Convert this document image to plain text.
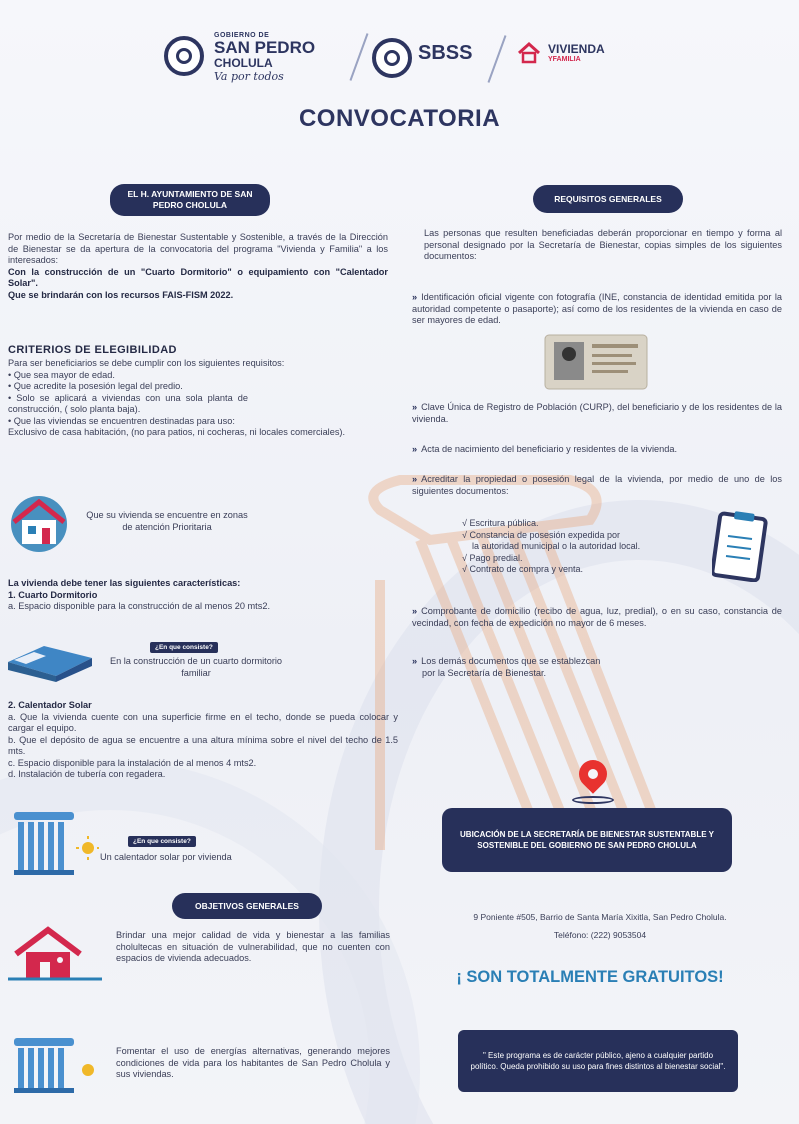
GOBIERNO DE
SAN PEDRO
CHOLULA
Va por todos
SBSS	VIVIENDA
YFAMILIA
CONVOCATORIA
EL H. AYUNTAMIENTO DE SAN PEDRO CHOLULA
Por medio de la Secretaría de Bienestar Sustentable y Sostenible, a través de la Dirección de Bienestar se da apertura de la convocatoria del programa "Vivienda y Familia" a los interesados:
Con la construcción de un "Cuarto Dormitorio" o equipamiento con "Calentador Solar".
Que se brindarán con los recursos FAIS-FISM 2022.
CRITERIOS DE ELEGIBILIDAD
Para ser beneficiarios se debe cumplir con los siguientes requisitos:
• Que sea mayor de edad.
• Que acredite la posesión legal del predio.
• Solo se aplicará a viviendas con una sola planta de construcción, ( solo planta baja).
• Que las viviendas se encuentren destinadas para uso:
Exclusivo de casa habitación, (no para patios, ni cocheras, ni locales comerciales).
Que su vivienda se encuentre en zonas de atención Prioritaria
La vivienda debe tener las siguientes características:
1. Cuarto Dormitorio
a. Espacio disponible para la construcción de al menos 20 mts2.
¿En que consiste?
En la construcción de un cuarto dormitorio familiar
2. Calentador Solar
a. Que la vivienda cuente con una superficie firme en el techo, donde se pueda colocar y cargar el equipo.
b. Que el depósito de agua se encuentre a una altura mínima sobre el nivel del techo de 1.5 mts.
c. Espacio disponible para la instalación de al menos 4 mts2.
d. Instalación de tubería con regadera.
¿En que consiste?
Un calentador solar por vivienda
OBJETIVOS GENERALES
Brindar una mejor calidad de vida y bienestar a las familias cholultecas en situación de vulnerabilidad, que no cuenten con espacios de vivienda adecuados.
Fomentar el uso de energías alternativas, generando mejores condiciones de vida para los habitantes de San Pedro Cholula y sus viviendas.
REQUISITOS GENERALES
Las personas que resulten beneficiadas deberán proporcionar en tiempo y forma al personal designado por la Secretaría de Bienestar, copias simples de los siguientes documentos:
» Identificación oficial vigente con fotografía (INE, constancia de identidad emitida por la autoridad competente o pasaporte); así como de los residentes de la vivienda en caso de ser mayores de edad.
» Clave Única de Registro de Población (CURP), del beneficiario y de los residentes de la vivienda.
» Acta de nacimiento del beneficiario y residentes de la vivienda.
» Acreditar la propiedad o posesión legal de la vivienda, por medio de uno de los siguientes documentos:
√ Escritura pública.
√ Constancia de posesión expedida por
la autoridad municipal o la autoridad local.
√ Pago predial.
√ Contrato de compra y venta.
» Comprobante de domicilio (recibo de agua, luz, predial), o en su caso, constancia de vecindad, con fecha de expedición no mayor de 6 meses.
» Los demás documentos que se establezcan
por la Secretaría de Bienestar.
UBICACIÓN DE LA SECRETARÍA DE BIENESTAR SUSTENTABLE Y SOSTENIBLE DEL GOBIERNO DE SAN PEDRO CHOLULA
9 Poniente #505, Barrio de Santa María Xixitla, San Pedro Cholula.
Teléfono: (222) 9053504
¡ SON TOTALMENTE GRATUITOS!
" Este programa es de carácter público, ajeno a cualquier partido político. Queda prohibido su uso para fines distintos al bienestar social".
